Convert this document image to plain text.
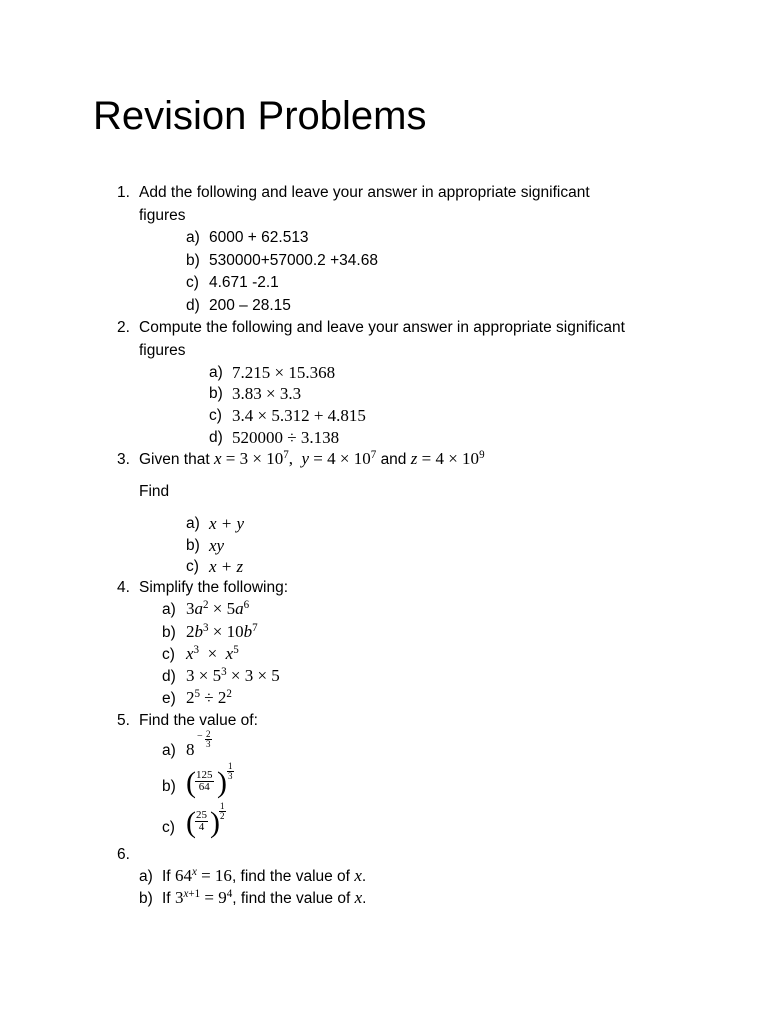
Revision Problems
1. Add the following and leave your answer in appropriate significant
figures
a) 6000 + 62.513
b) 530000+57000.2 +34.68
c) 4.671 -2.1
d) 200 – 28.15
2. Compute the following and leave your answer in appropriate significant
figures
a) 7.215 × 15.368
b) 3.83 × 3.3
c) 3.4 × 5.312 + 4.815
d) 520000 ÷ 3.138
3. Given that $x = 3 \times 10^7$,  $y = 4 \times 10^7$ and $z = 4 \times 10^9$
Find
a) x + y
b) xy
c) x + z
4. Simplify the following:
a) $3a^2 \times 5a^6$
b) $2b^3 \times 10b^7$
c) $x^3 \times x^5$
d) $3 \times 5^3 \times 3 \times 5$
e) $2^5 \div 2^2$
5. Find the value of:
a) 8
− $\frac{2}{3}$
b) ( $\frac{125}{64}$ ) $\frac{1}{3}$
c) ( $\frac{25}{4}$ ) $\frac{1}{2}$
6.
a) If $64^x = 16$, find the value of x.
b) If $3^{x+1} = 9^4$, find the value of x.
